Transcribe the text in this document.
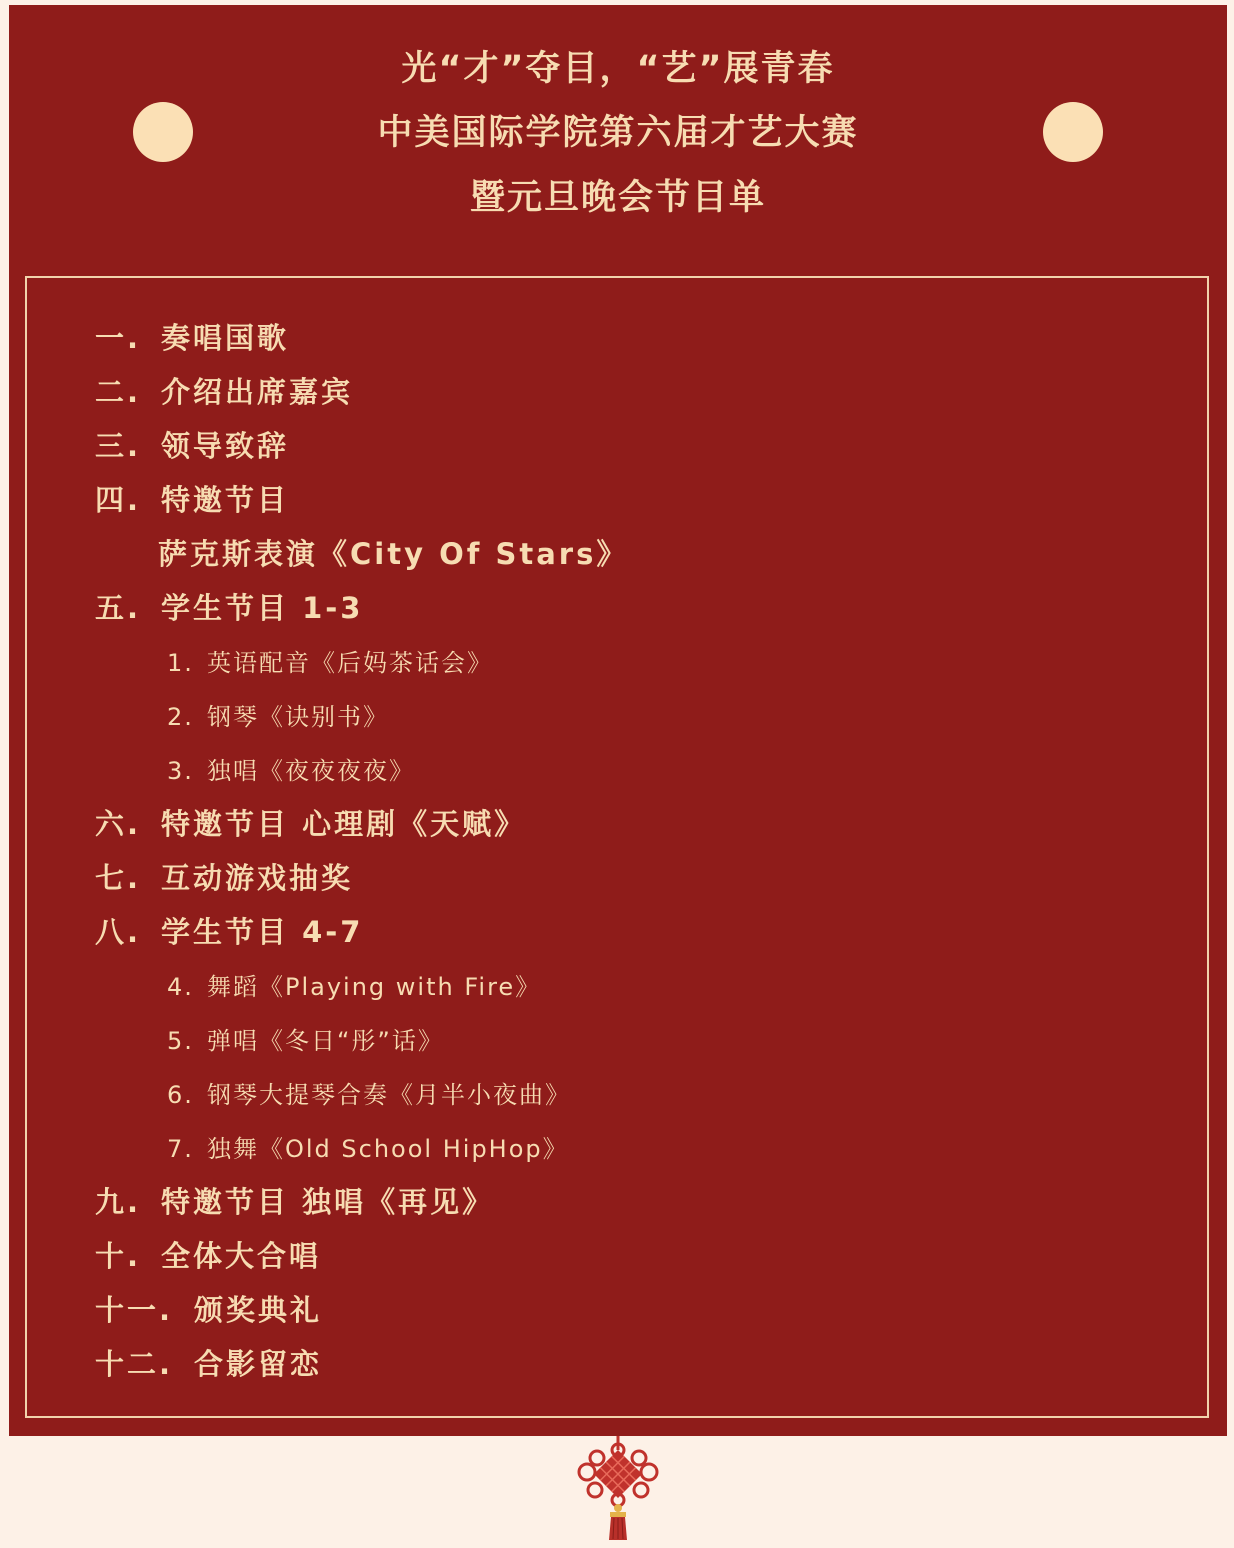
光“才”夺目，“艺”展青春
中美国际学院第六届才艺大赛
暨元旦晚会节目单
一. 奏唱国歌
二. 介绍出席嘉宾
三. 领导致辞
四. 特邀节目
萨克斯表演《City Of Stars》
五. 学生节目 1-3
1. 英语配音《后妈茶话会》
2. 钢琴《诀别书》
3. 独唱《夜夜夜夜》
六. 特邀节目 心理剧《天赋》
七. 互动游戏抽奖
八. 学生节目 4-7
4. 舞蹈《Playing with Fire》
5. 弹唱《冬日“彤”话》
6. 钢琴大提琴合奏《月半小夜曲》
7. 独舞《Old School HipHop》
九. 特邀节目 独唱《再见》
十. 全体大合唱
十一. 颁奖典礼
十二. 合影留恋
